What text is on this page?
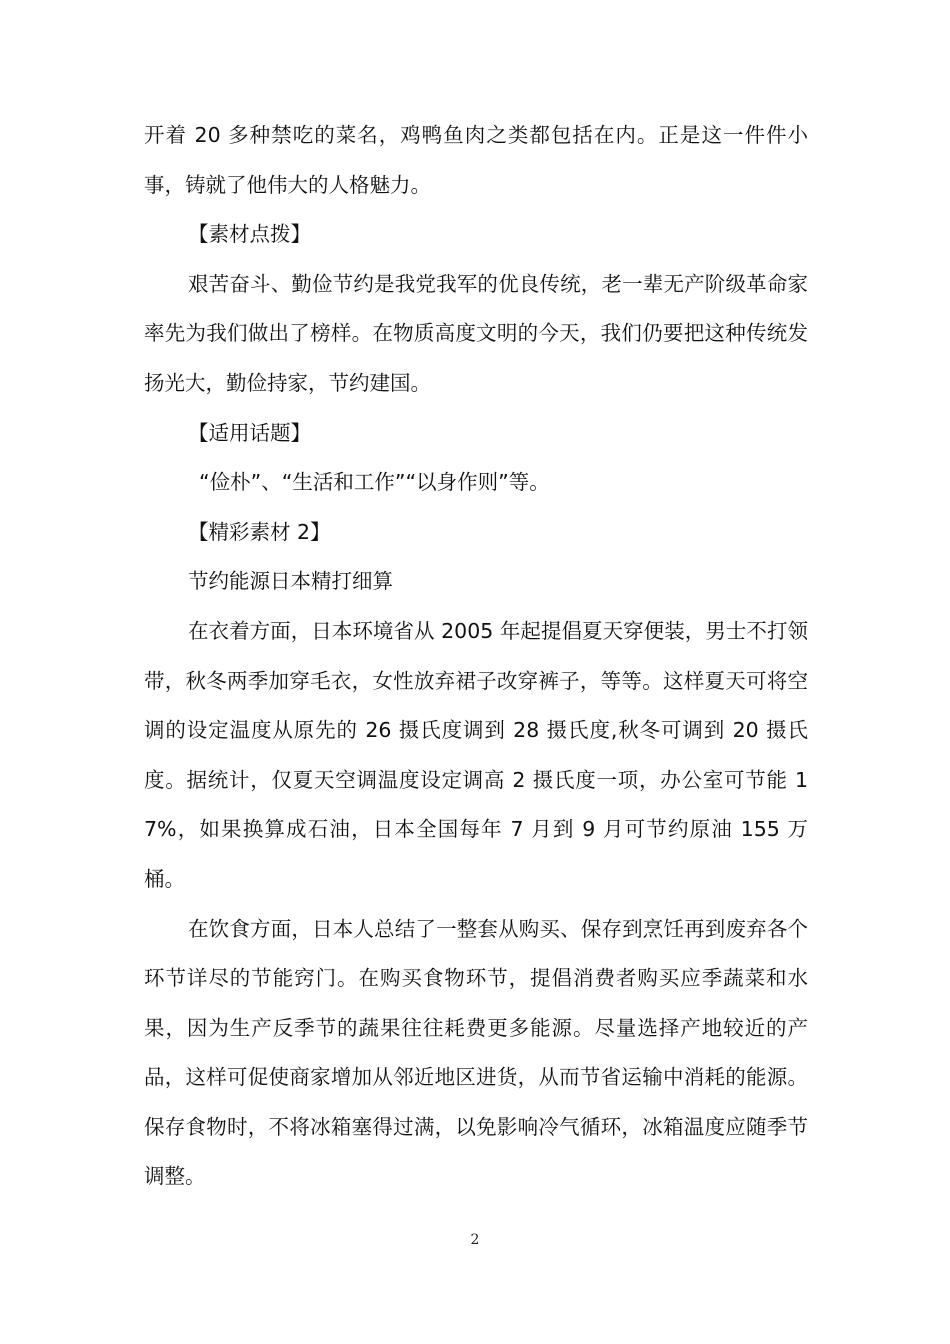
开着 20 多种禁吃的菜名，鸡鸭鱼肉之类都包括在内。正是这一件件小事，铸就了他伟大的人格魅力。

【素材点拨】

艰苦奋斗、勤俭节约是我党我军的优良传统，老一辈无产阶级革命家率先为我们做出了榜样。在物质高度文明的今天，我们仍要把这种传统发扬光大，勤俭持家，节约建国。

【适用话题】

“俭朴”、“生活和工作”“以身作则”等。

【精彩素材 2】

节约能源日本精打细算

在衣着方面，日本环境省从 2005 年起提倡夏天穿便装，男士不打领带，秋冬两季加穿毛衣，女性放弃裙子改穿裤子，等等。这样夏天可将空调的设定温度从原先的 26 摄氏度调到 28 摄氏度,秋冬可调到 20 摄氏度。据统计，仅夏天空调温度设定调高 2 摄氏度一项，办公室可节能 17%，如果换算成石油，日本全国每年 7 月到 9 月可节约原油 155 万桶。

在饮食方面，日本人总结了一整套从购买、保存到烹饪再到废弃各个环节详尽的节能窍门。在购买食物环节，提倡消费者购买应季蔬菜和水果，因为生产反季节的蔬果往往耗费更多能源。尽量选择产地较近的产品，这样可促使商家增加从邻近地区进货，从而节省运输中消耗的能源。保存食物时，不将冰箱塞得过满，以免影响冷气循环，冰箱温度应随季节调整。

2
